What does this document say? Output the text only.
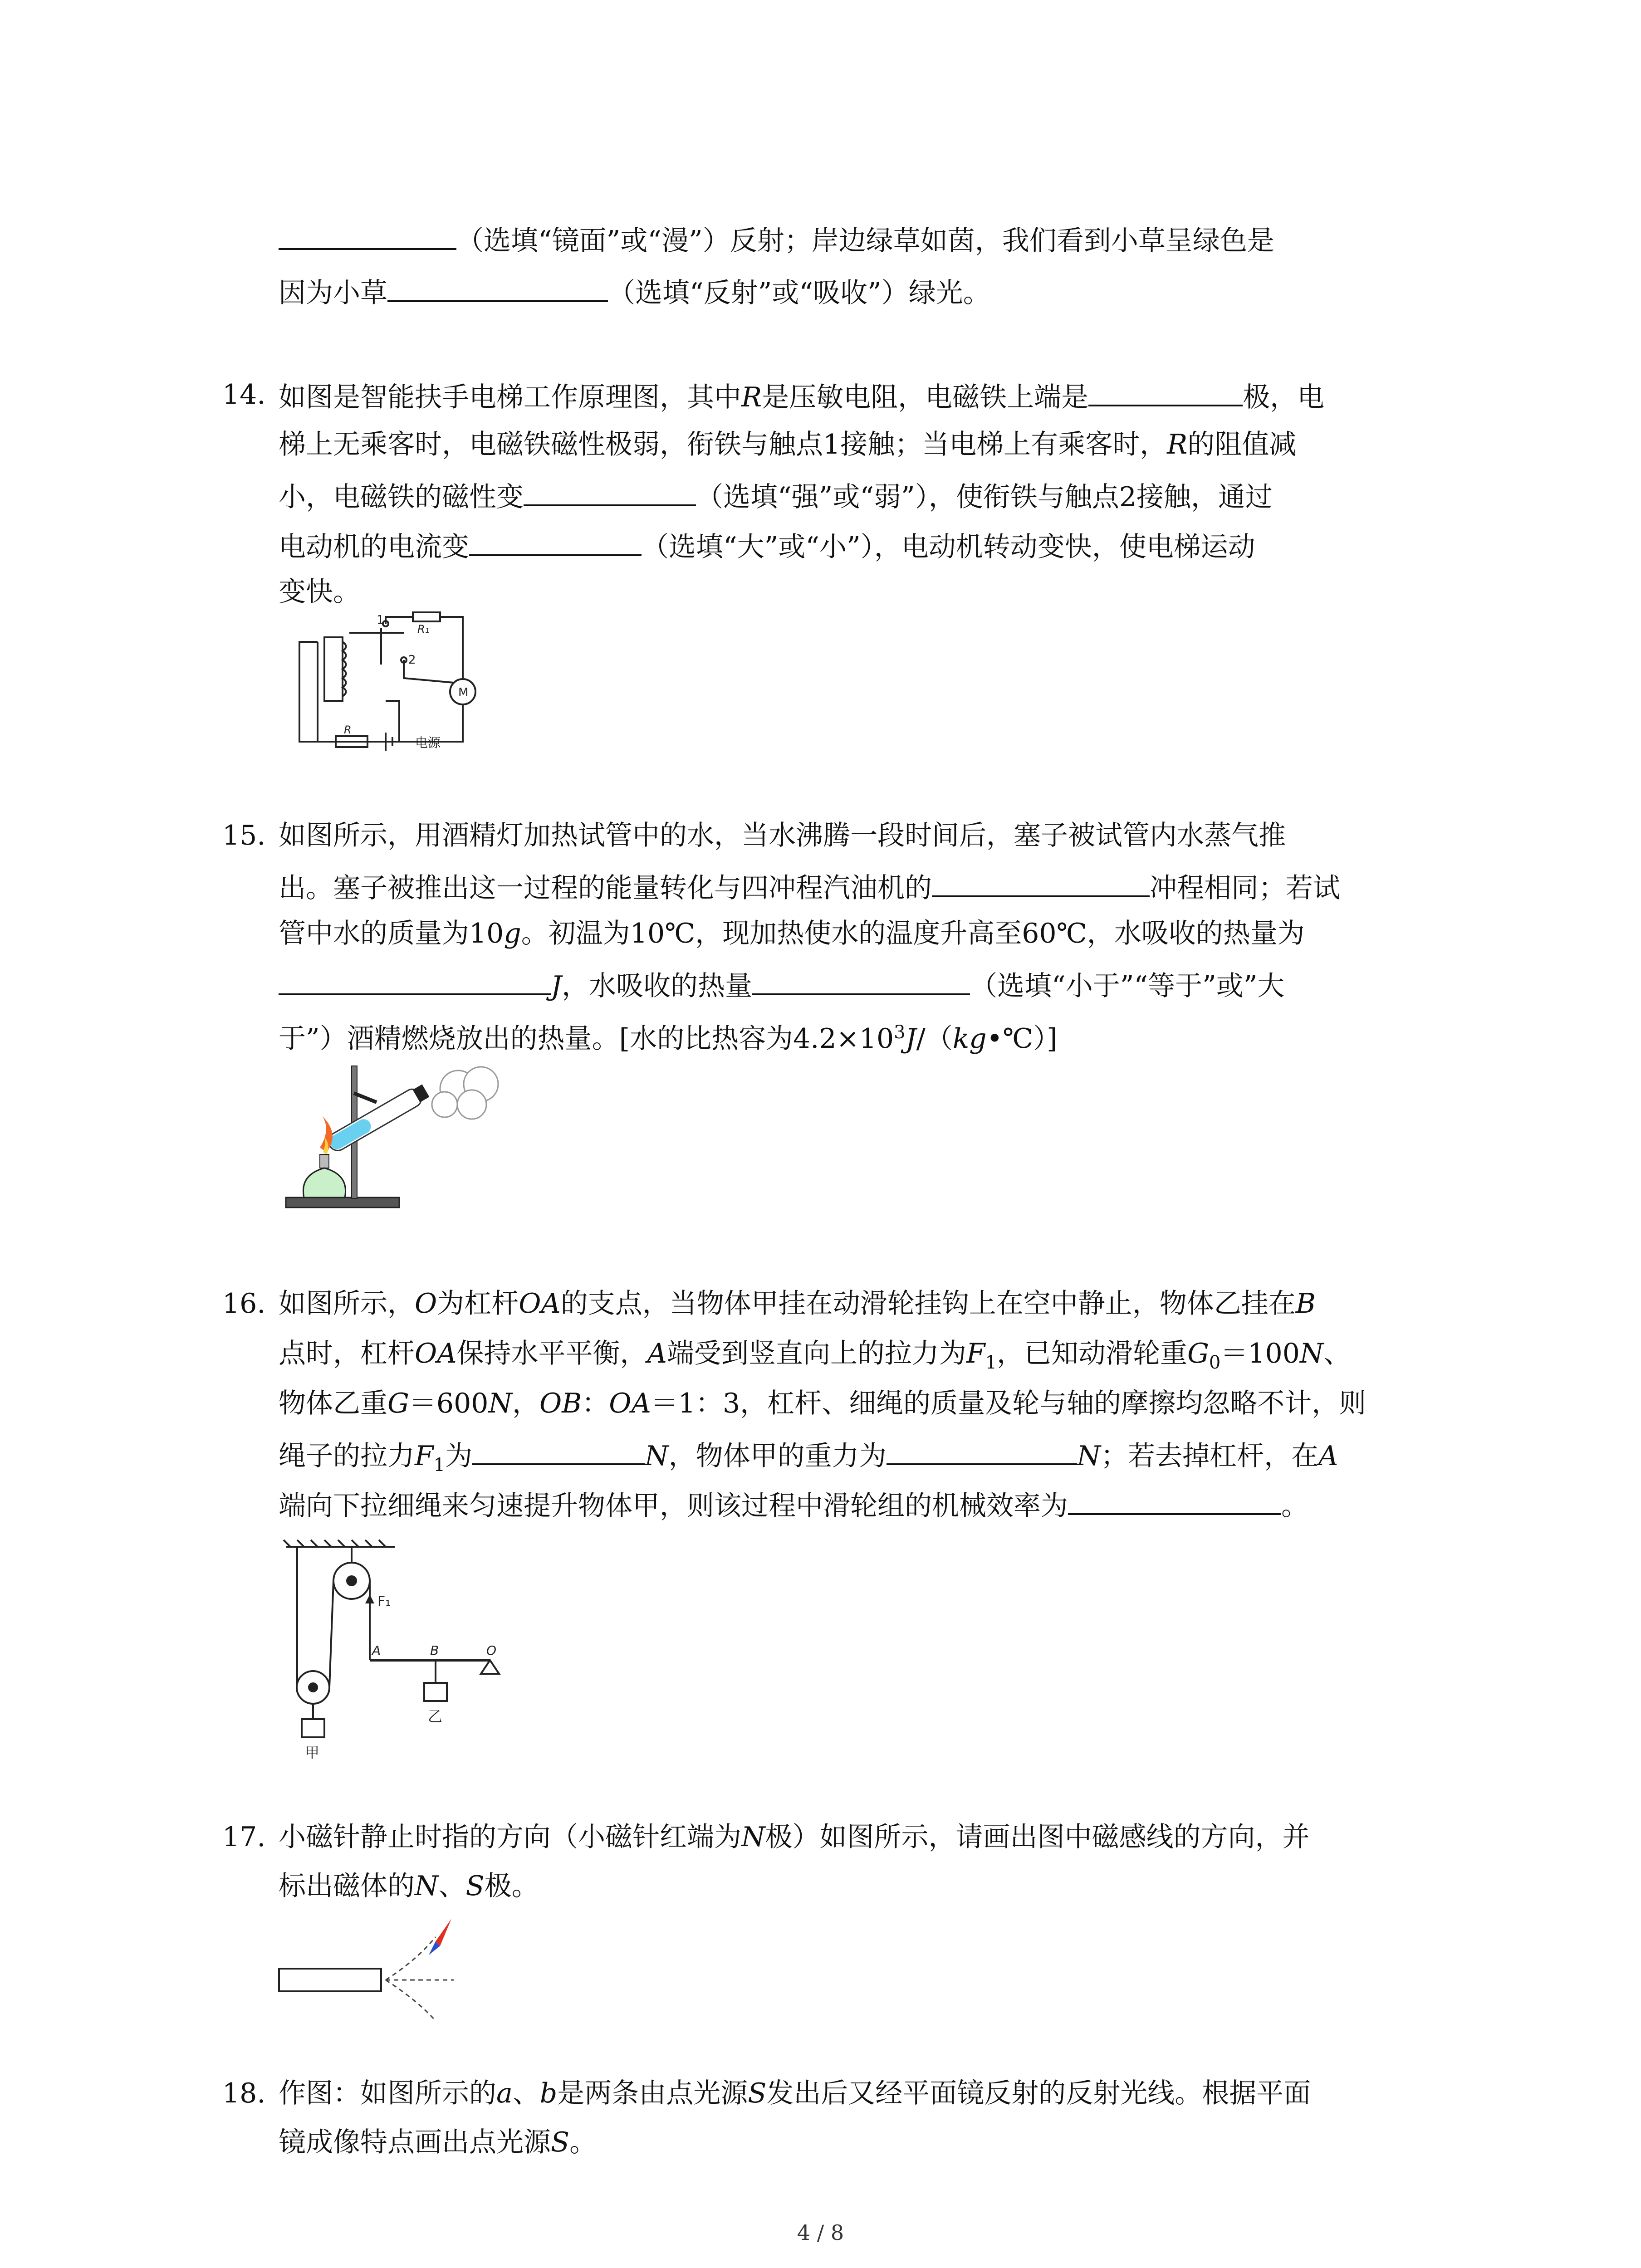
（选填“镜面”或“漫”）反射；岸边绿草如茵，我们看到小草呈绿色是
因为小草	（选填“反射”或“吸收”）绿光。
14. 如图是智能扶手电梯工作原理图，其中R是压敏电阻，电磁铁上端是	极，电
梯上无乘客时，电磁铁磁性极弱，衔铁与触点1接触；当电梯上有乘客时，R的阻值减
小，电磁铁的磁性变	（选填“强”或“弱”），使衔铁与触点2接触，通过
电动机的电流变	（选填“大”或“小”），电动机转动变快，使电梯运动
变快。
1
2
R₁
R
M
电源
15. 如图所示，用酒精灯加热试管中的水，当水沸腾一段时间后，塞子被试管内水蒸气推
出。塞子被推出这一过程的能量转化与四冲程汽油机的	冲程相同；若试
管中水的质量为10g。初温为10℃，现加热使水的温度升高至60℃，水吸收的热量为
J，水吸收的热量	（选填“小于”“等于”或”大
于”）酒精燃烧放出的热量。[水的比热容为$4.2\times 10^3J/(kg•℃)$]
16. 如图所示，O为杠杆OA的支点，当物体甲挂在动滑轮挂钩上在空中静止，物体乙挂在B
点时，杠杆OA保持水平平衡，A端受到竖直向上的拉力为$F_1$，已知动滑轮重$G_0=100N$、
物体乙重G＝600N，OB：OA＝1：3，杠杆、细绳的质量及轮与轴的摩擦均忽略不计，则
绳子的拉力$F_1$为	N，物体甲的重力为	N；若去掉杠杆，在A
端向下拉细绳来匀速提升物体甲，则该过程中滑轮组的机械效率为	。
F₁
A	B	O
甲
乙
17. 小磁针静止时指的方向（小磁针红端为N极）如图所示，请画出图中磁感线的方向，并
标出磁体的N、S极。
18. 作图：如图所示的a、b是两条由点光源S发出后又经平面镜反射的反射光线。根据平面
镜成像特点画出点光源S。
4 / 8
